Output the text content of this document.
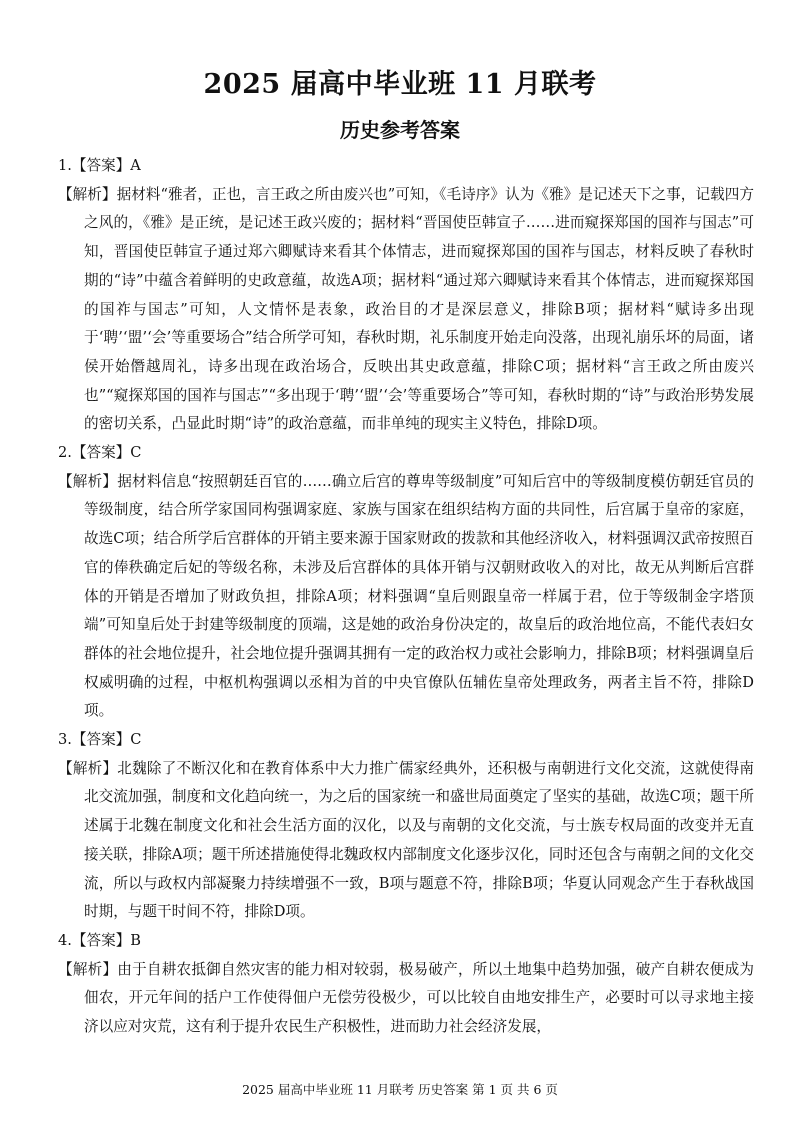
2025 届高中毕业班 11 月联考
历史参考答案
1.【答案】A

【解析】据材料“雅者，正也，言王政之所由废兴也”可知，《毛诗序》认为《雅》是记述天下之事，记载四方之风的，《雅》是正统，是记述王政兴废的；据材料“晋国使臣韩宣子……进而窥探郑国的国祚与国志”可知，晋国使臣韩宣子通过郑六卿赋诗来看其个体情志，进而窥探郑国的国祚与国志，材料反映了春秋时期的“诗”中蕴含着鲜明的史政意蕴，故选A项；据材料“通过郑六卿赋诗来看其个体情志，进而窥探郑国的国祚与国志”可知，人文情怀是表象，政治目的才是深层意义，排除B项；据材料“赋诗多出现于‘聘’‘盟’‘会’等重要场合”结合所学可知，春秋时期，礼乐制度开始走向没落，出现礼崩乐坏的局面，诸侯开始僭越周礼，诗多出现在政治场合，反映出其史政意蕴，排除C项；据材料“言王政之所由废兴也”“窥探郑国的国祚与国志”“多出现于‘聘’‘盟’‘会’等重要场合”等可知，春秋时期的“诗”与政治形势发展的密切关系，凸显此时期“诗”的政治意蕴，而非单纯的现实主义特色，排除D项。

2.【答案】C

【解析】据材料信息“按照朝廷百官的……确立后宫的尊卑等级制度”可知后宫中的等级制度模仿朝廷官员的等级制度，结合所学家国同构强调家庭、家族与国家在组织结构方面的共同性，后宫属于皇帝的家庭，故选C项；结合所学后宫群体的开销主要来源于国家财政的拨款和其他经济收入，材料强调汉武帝按照百官的俸秩确定后妃的等级名称，未涉及后宫群体的具体开销与汉朝财政收入的对比，故无从判断后宫群体的开销是否增加了财政负担，排除A项；材料强调“皇后则跟皇帝一样属于君，位于等级制金字塔顶端”可知皇后处于封建等级制度的顶端，这是她的政治身份决定的，故皇后的政治地位高，不能代表妇女群体的社会地位提升，社会地位提升强调其拥有一定的政治权力或社会影响力，排除B项；材料强调皇后权威明确的过程，中枢机构强调以丞相为首的中央官僚队伍辅佐皇帝处理政务，两者主旨不符，排除D项。

3.【答案】C

【解析】北魏除了不断汉化和在教育体系中大力推广儒家经典外，还积极与南朝进行文化交流，这就使得南北交流加强，制度和文化趋向统一，为之后的国家统一和盛世局面奠定了坚实的基础，故选C项；题干所述属于北魏在制度文化和社会生活方面的汉化，以及与南朝的文化交流，与士族专权局面的改变并无直接关联，排除A项；题干所述措施使得北魏政权内部制度文化逐步汉化，同时还包含与南朝之间的文化交流，所以与政权内部凝聚力持续增强不一致，B项与题意不符，排除B项；华夏认同观念产生于春秋战国时期，与题干时间不符，排除D项。

4.【答案】B

【解析】由于自耕农抵御自然灾害的能力相对较弱，极易破产，所以土地集中趋势加强，破产自耕农便成为佃农，开元年间的括户工作使得佃户无偿劳役极少，可以比较自由地安排生产，必要时可以寻求地主接济以应对灾荒，这有利于提升农民生产积极性，进而助力社会经济发展，

2025 届高中毕业班 11 月联考 历史答案 第 1 页 共 6 页
